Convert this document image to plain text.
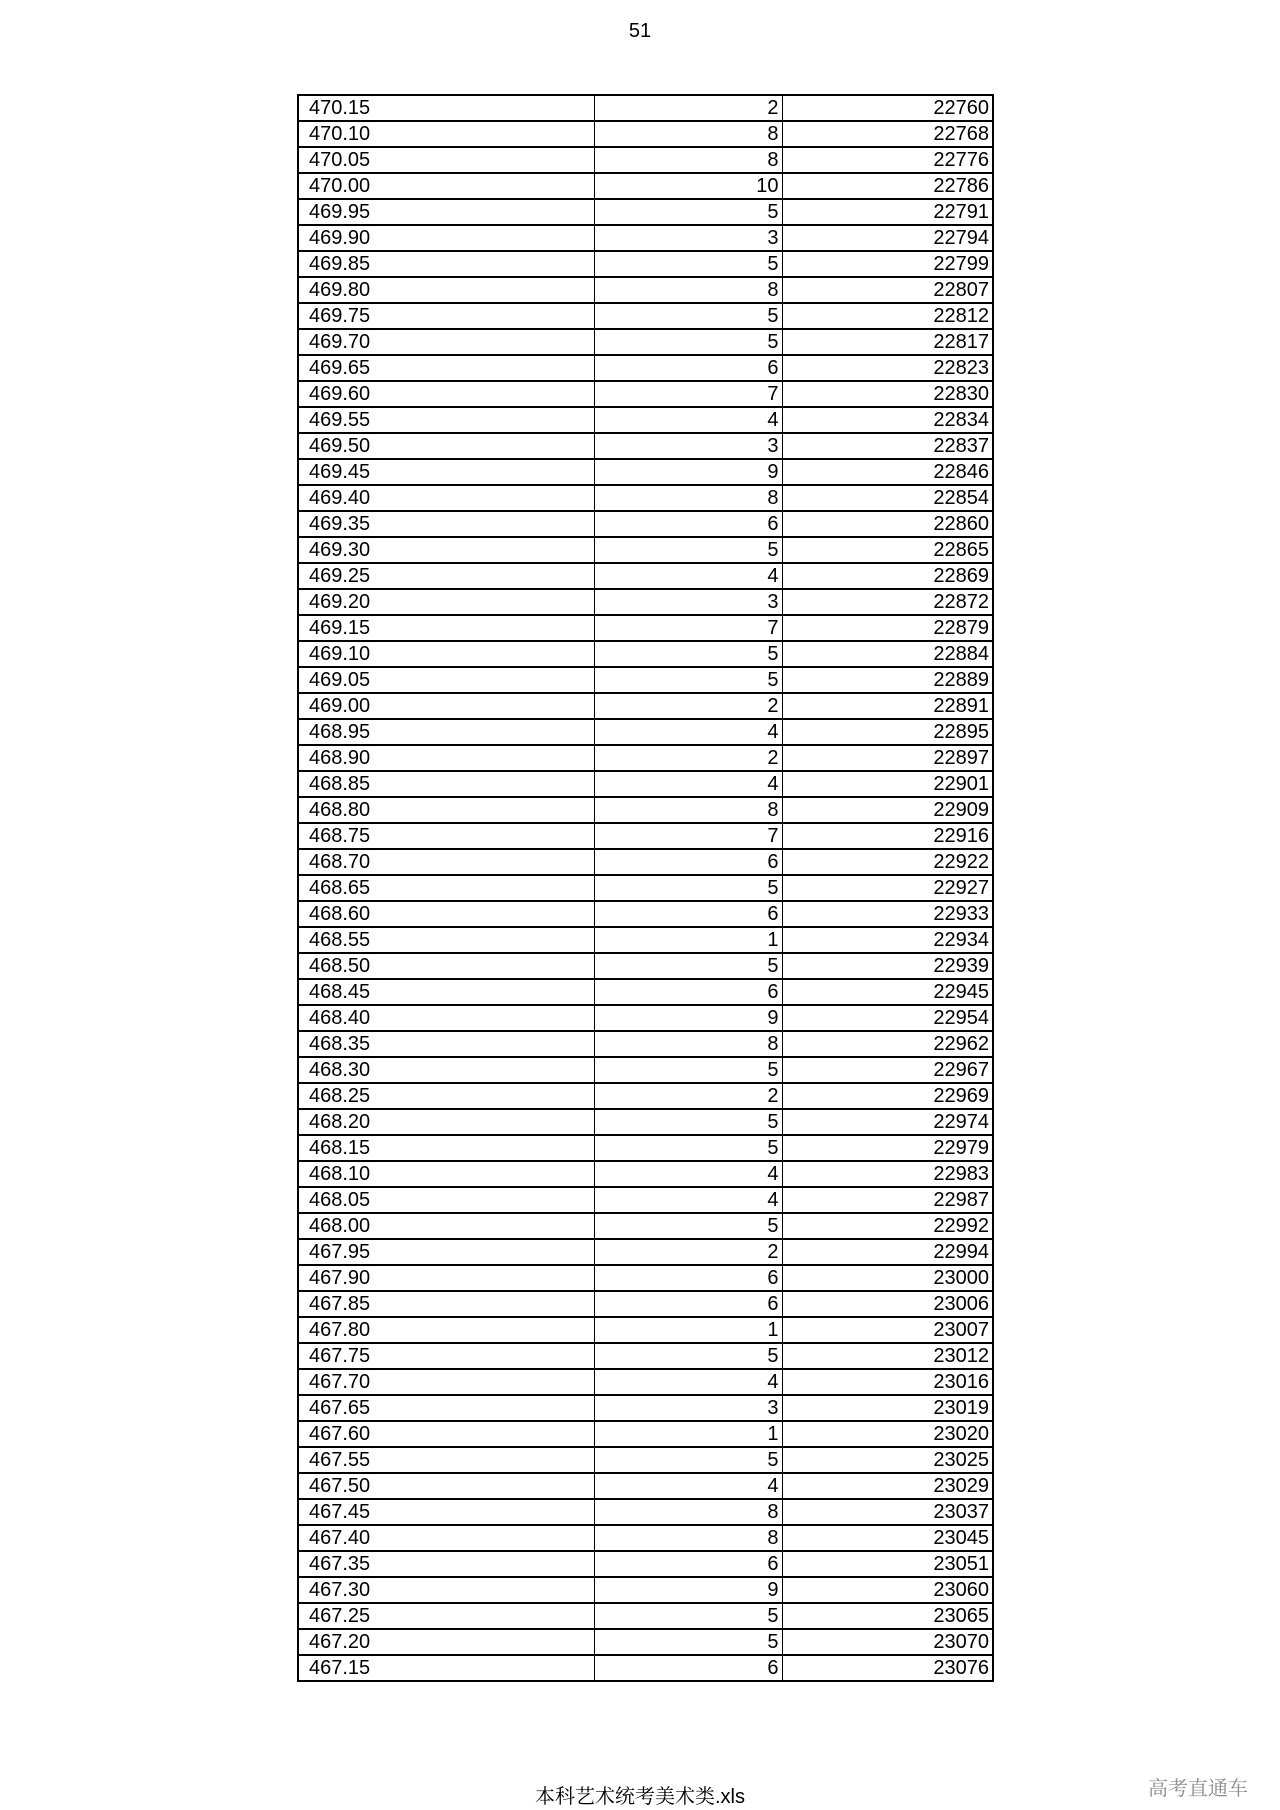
51
470.15	2	22760
470.10	8	22768
470.05	8	22776
470.00	10	22786
469.95	5	22791
469.90	3	22794
469.85	5	22799
469.80	8	22807
469.75	5	22812
469.70	5	22817
469.65	6	22823
469.60	7	22830
469.55	4	22834
469.50	3	22837
469.45	9	22846
469.40	8	22854
469.35	6	22860
469.30	5	22865
469.25	4	22869
469.20	3	22872
469.15	7	22879
469.10	5	22884
469.05	5	22889
469.00	2	22891
468.95	4	22895
468.90	2	22897
468.85	4	22901
468.80	8	22909
468.75	7	22916
468.70	6	22922
468.65	5	22927
468.60	6	22933
468.55	1	22934
468.50	5	22939
468.45	6	22945
468.40	9	22954
468.35	8	22962
468.30	5	22967
468.25	2	22969
468.20	5	22974
468.15	5	22979
468.10	4	22983
468.05	4	22987
468.00	5	22992
467.95	2	22994
467.90	6	23000
467.85	6	23006
467.80	1	23007
467.75	5	23012
467.70	4	23016
467.65	3	23019
467.60	1	23020
467.55	5	23025
467.50	4	23029
467.45	8	23037
467.40	8	23045
467.35	6	23051
467.30	9	23060
467.25	5	23065
467.20	5	23070
467.15	6	23076
本科艺术统考美术类.xls	高考直通车
